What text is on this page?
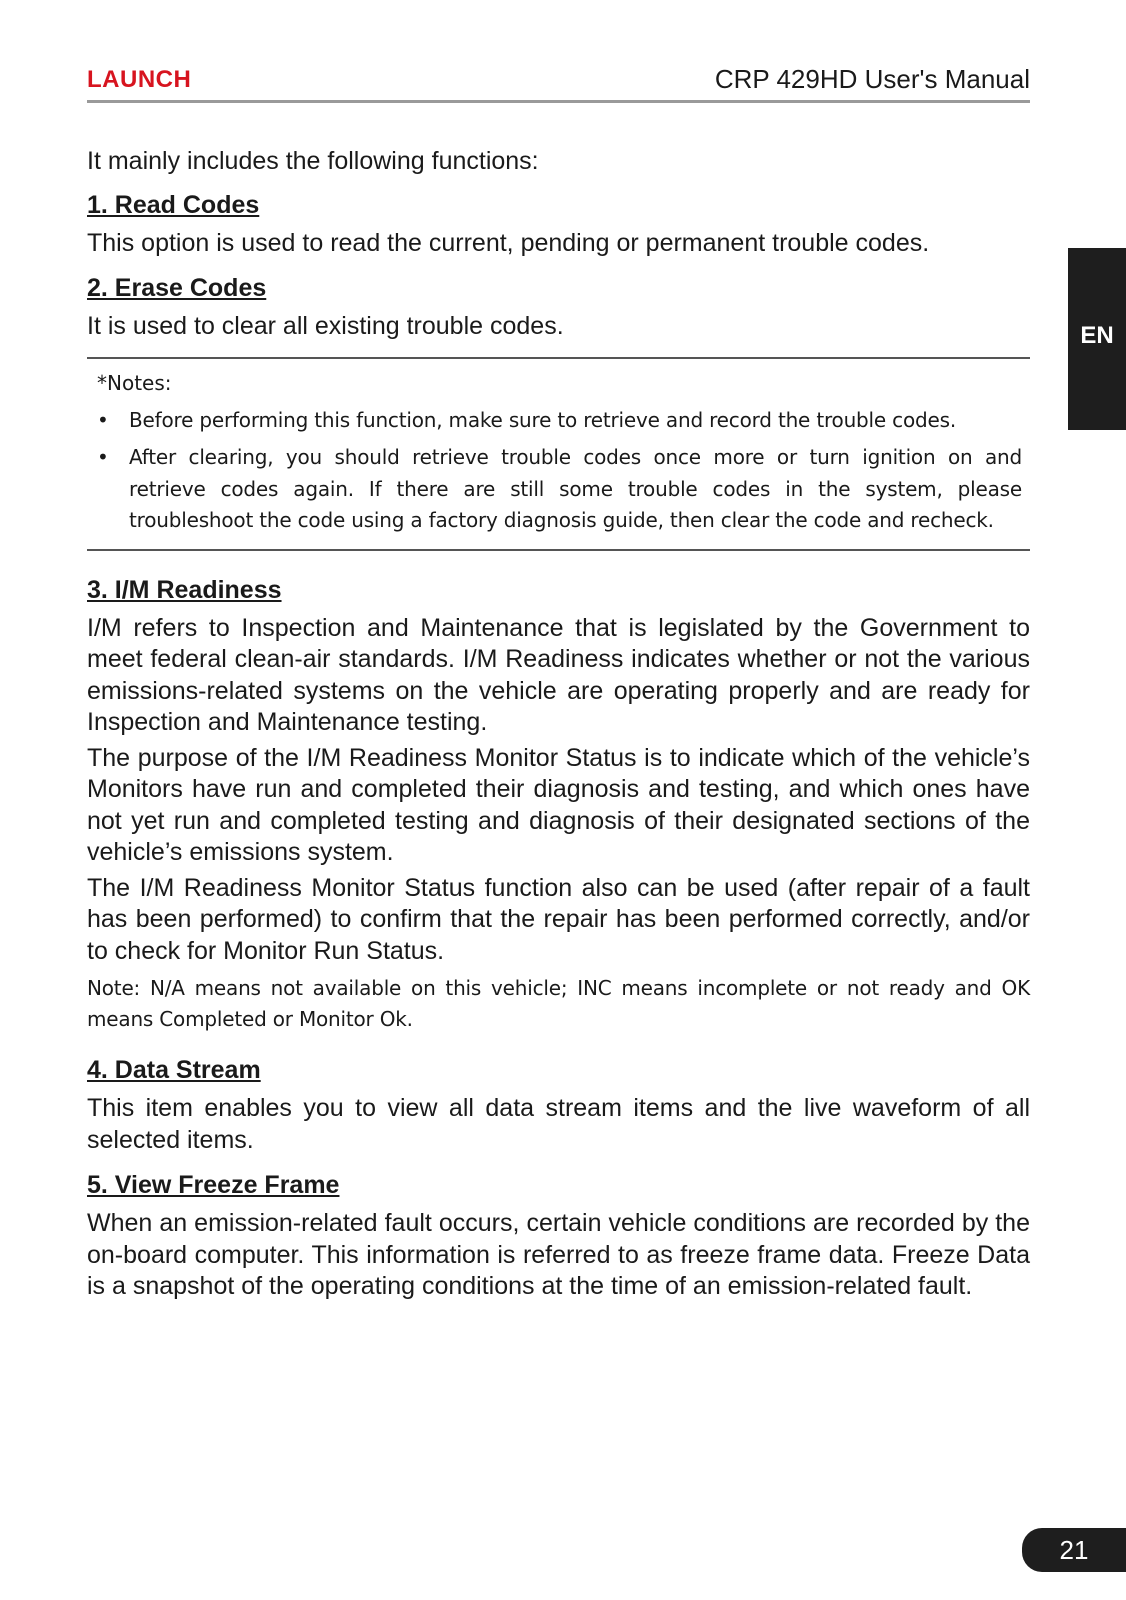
LAUNCH	CRP 429HD User's Manual
EN

It mainly includes the following functions:

1. Read Codes

This option is used to read the current, pending or permanent trouble codes.

2. Erase Codes

It is used to clear all existing trouble codes.

*Notes:

• Before performing this function, make sure to retrieve and record the trouble codes.
• After clearing, you should retrieve trouble codes once more or turn ignition on and retrieve codes again. If there are still some trouble codes in the system, please troubleshoot the code using a factory diagnosis guide, then clear the code and recheck.
3. I/M Readiness

I/M refers to Inspection and Maintenance that is legislated by the Government to meet federal clean-air standards. I/M Readiness indicates whether or not the various emissions-related systems on the vehicle are operating properly and are ready for Inspection and Maintenance testing.

The purpose of the I/M Readiness Monitor Status is to indicate which of the vehicle’s Monitors have run and completed their diagnosis and testing, and which ones have not yet run and completed testing and diagnosis of their designated sections of the vehicle’s emissions system.

The I/M Readiness Monitor Status function also can be used (after repair of a fault has been performed) to confirm that the repair has been performed correctly, and/or to check for Monitor Run Status.

Note: N/A means not available on this vehicle; INC means incomplete or not ready and OK means Completed or Monitor Ok.

4. Data Stream

This item enables you to view all data stream items and the live waveform of all selected items.

5. View Freeze Frame

When an emission-related fault occurs, certain vehicle conditions are recorded by the on-board computer. This information is referred to as freeze frame data. Freeze Data is a snapshot of the operating conditions at the time of an emission-related fault.

21
